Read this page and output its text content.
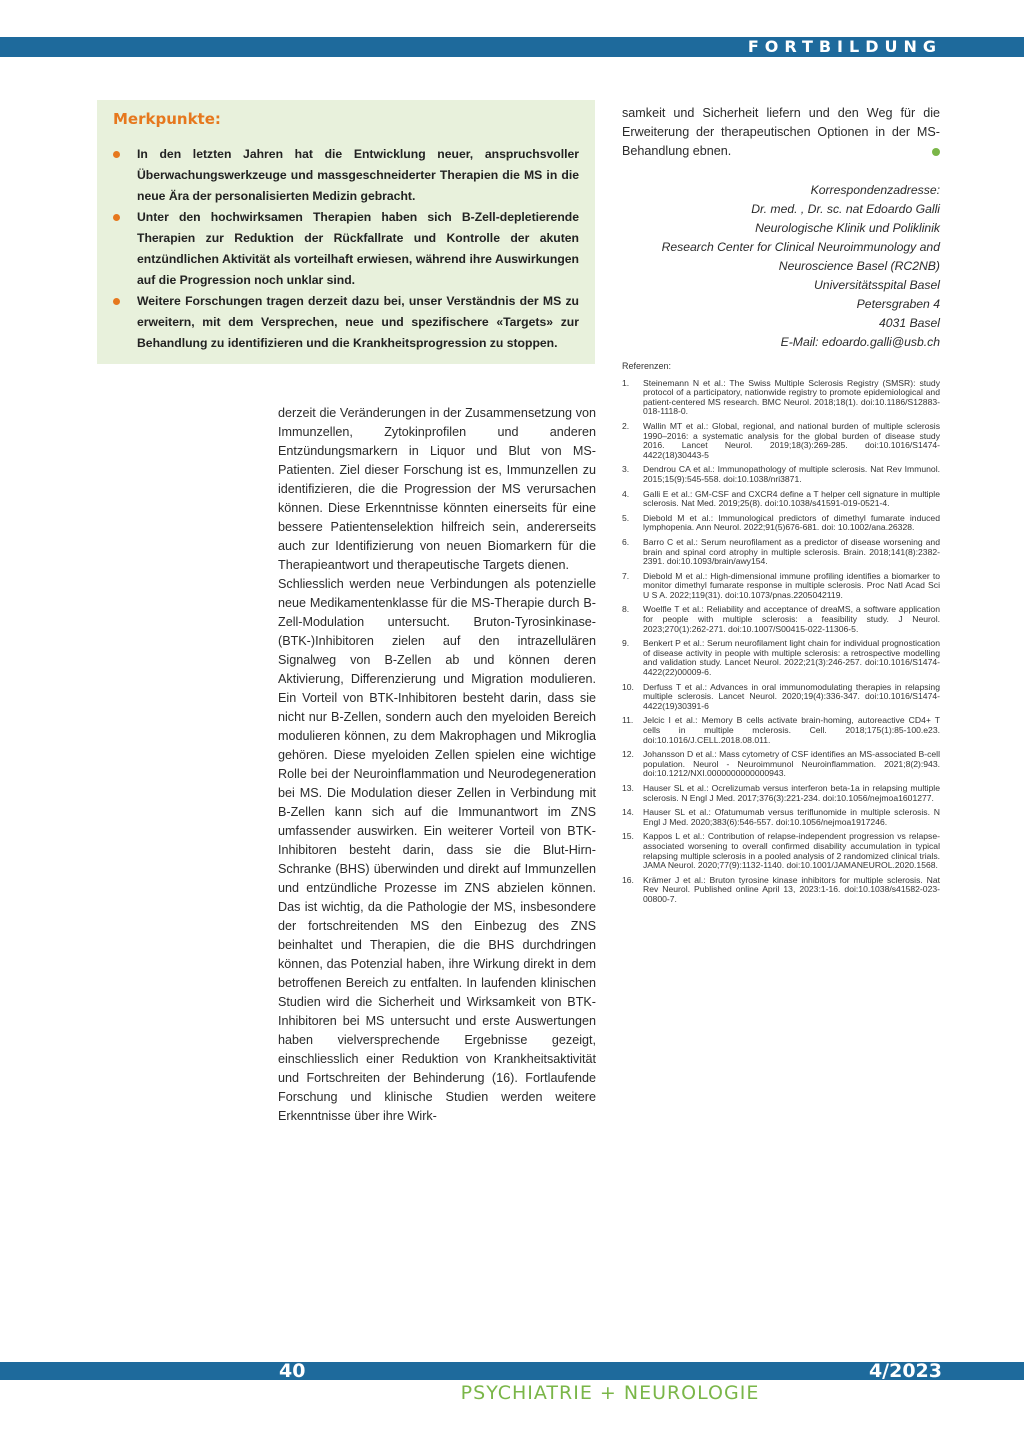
FORTBILDUNG
Merkpunkte:
In den letzten Jahren hat die Entwicklung neuer, anspruchsvoller Überwachungswerkzeuge und massgeschneiderter Therapien die MS in die neue Ära der personalisierten Medizin gebracht.
Unter den hochwirksamen Therapien haben sich B-Zell-depletierende Therapien zur Reduktion der Rückfallrate und Kontrolle der akuten entzündlichen Aktivität als vorteilhaft erwiesen, während ihre Auswirkungen auf die Progression noch unklar sind.
Weitere Forschungen tragen derzeit dazu bei, unser Verständnis der MS zu erweitern, mit dem Versprechen, neue und spezifischere «Targets» zur Behandlung zu identifizieren und die Krankheitsprogression zu stoppen.

derzeit die Veränderungen in der Zusammensetzung von Immunzellen, Zytokinprofilen und anderen Entzündungsmarkern in Liquor und Blut von MS-Patienten. Ziel dieser Forschung ist es, Immunzellen zu identifizieren, die die Progression der MS verursachen können. Diese Erkenntnisse könnten einerseits für eine bessere Patientenselektion hilfreich sein, andererseits auch zur Identifizierung von neuen Biomarkern für die Therapieantwort und therapeutische Targets dienen.

Schliesslich werden neue Verbindungen als potenzielle neue Medikamentenklasse für die MS-Therapie durch B-Zell-Modulation untersucht. Bruton-Tyrosinkinase-(BTK-)Inhibitoren zielen auf den intrazellulären Signalweg von B-Zellen ab und können deren Aktivierung, Differenzierung und Migration modulieren. Ein Vorteil von BTK-Inhibitoren besteht darin, dass sie nicht nur B-Zellen, sondern auch den myeloiden Bereich modulieren können, zu dem Makrophagen und Mikroglia gehören. Diese myeloiden Zellen spielen eine wichtige Rolle bei der Neuroinflammation und Neurodegeneration bei MS. Die Modulation dieser Zellen in Verbindung mit B-Zellen kann sich auf die Immunantwort im ZNS umfassender auswirken. Ein weiterer Vorteil von BTK-Inhibitoren besteht darin, dass sie die Blut-Hirn-Schranke (BHS) überwinden und direkt auf Immunzellen und entzündliche Prozesse im ZNS abzielen können. Das ist wichtig, da die Pathologie der MS, insbesondere der fortschreitenden MS den Einbezug des ZNS beinhaltet und Therapien, die die BHS durchdringen können, das Potenzial haben, ihre Wirkung direkt in dem betroffenen Bereich zu entfalten. In laufenden klinischen Studien wird die Sicherheit und Wirksamkeit von BTK-Inhibitoren bei MS untersucht und erste Auswertungen haben vielversprechende Ergebnisse gezeigt, einschliesslich einer Reduktion von Krankheitsaktivität und Fortschreiten der Behinderung (16). Fortlaufende Forschung und klinische Studien werden weitere Erkenntnisse über ihre Wirk-

samkeit und Sicherheit liefern und den Weg für die Erweiterung der therapeutischen Optionen in der MS-Behandlung ebnen.

Korrespondenzadresse:
Dr. med. , Dr. sc. nat Edoardo Galli
Neurologische Klinik und Poliklinik
Research Center for Clinical Neuroimmunology and
Neuroscience Basel (RC2NB)
Universitätsspital Basel
Petersgraben 4
4031 Basel
E-Mail: edoardo.galli@usb.ch
Referenzen:
1. Steinemann N et al.: The Swiss Multiple Sclerosis Registry (SMSR): study protocol of a participatory, nationwide registry to promote epidemiological and patient-centered MS research. BMC Neurol. 2018;18(1). doi:10.1186/S12883-018-1118-0.
2. Wallin MT et al.: Global, regional, and national burden of multiple sclerosis 1990–2016: a systematic analysis for the global burden of disease study 2016. Lancet Neurol. 2019;18(3):269-285. doi:10.1016/S1474-4422(18)30443-5
3. Dendrou CA et al.: Immunopathology of multiple sclerosis. Nat Rev Immunol. 2015;15(9):545-558. doi:10.1038/nri3871.
4. Galli E et al.: GM-CSF and CXCR4 define a T helper cell signature in multiple sclerosis. Nat Med. 2019;25(8). doi:10.1038/s41591-019-0521-4.
5. Diebold M et al.: Immunological predictors of dimethyl fumarate induced lymphopenia. Ann Neurol. 2022;91(5)676-681. doi: 10.1002/ana.26328.
6. Barro C et al.: Serum neurofilament as a predictor of disease worsening and brain and spinal cord atrophy in multiple sclerosis. Brain. 2018;141(8):2382-2391. doi:10.1093/brain/awy154.
7. Diebold M et al.: High-dimensional immune profiling identifies a biomarker to monitor dimethyl fumarate response in multiple sclerosis. Proc Natl Acad Sci U S A. 2022;119(31). doi:10.1073/pnas.2205042119.
8. Woelfle T et al.: Reliability and acceptance of dreaMS, a software application for people with multiple sclerosis: a feasibility study. J Neurol. 2023;270(1):262-271. doi:10.1007/S00415-022-11306-5.
9. Benkert P et al.: Serum neurofilament light chain for individual prognostication of disease activity in people with multiple sclerosis: a retrospective modelling and validation study. Lancet Neurol. 2022;21(3):246-257. doi:10.1016/S1474-4422(22)00009-6.
10. Derfuss T et al.: Advances in oral immunomodulating therapies in relapsing multiple sclerosis. Lancet Neurol. 2020;19(4):336-347. doi:10.1016/S1474-4422(19)30391-6
11. Jelcic I et al.: Memory B cells activate brain-homing, autoreactive CD4+ T cells in multiple mclerosis. Cell. 2018;175(1):85-100.e23. doi:10.1016/J.CELL.2018.08.011.
12. Johansson D et al.: Mass cytometry of CSF identifies an MS-associated B-cell population. Neurol - Neuroimmunol Neuroinflammation. 2021;8(2):943. doi:10.1212/NXI.0000000000000943.
13. Hauser SL et al.: Ocrelizumab versus interferon beta-1a in relapsing multiple sclerosis. N Engl J Med. 2017;376(3):221-234. doi:10.1056/nejmoa1601277.
14. Hauser SL et al.: Ofatumumab versus teriflunomide in multiple sclerosis. N Engl J Med. 2020;383(6):546-557. doi:10.1056/nejmoa1917246.
15. Kappos L et al.: Contribution of relapse-independent progression vs relapse-associated worsening to overall confirmed disability accumulation in typical relapsing multiple sclerosis in a pooled analysis of 2 randomized clinical trials. JAMA Neurol. 2020;77(9):1132-1140. doi:10.1001/JAMANEUROL.2020.1568.
16. Krämer J et al.: Bruton tyrosine kinase inhibitors for multiple sclerosis. Nat Rev Neurol. Published online April 13, 2023:1-16. doi:10.1038/s41582-023-00800-7.
40	4/2023
PSYCHIATRIE + NEUROLOGIE
